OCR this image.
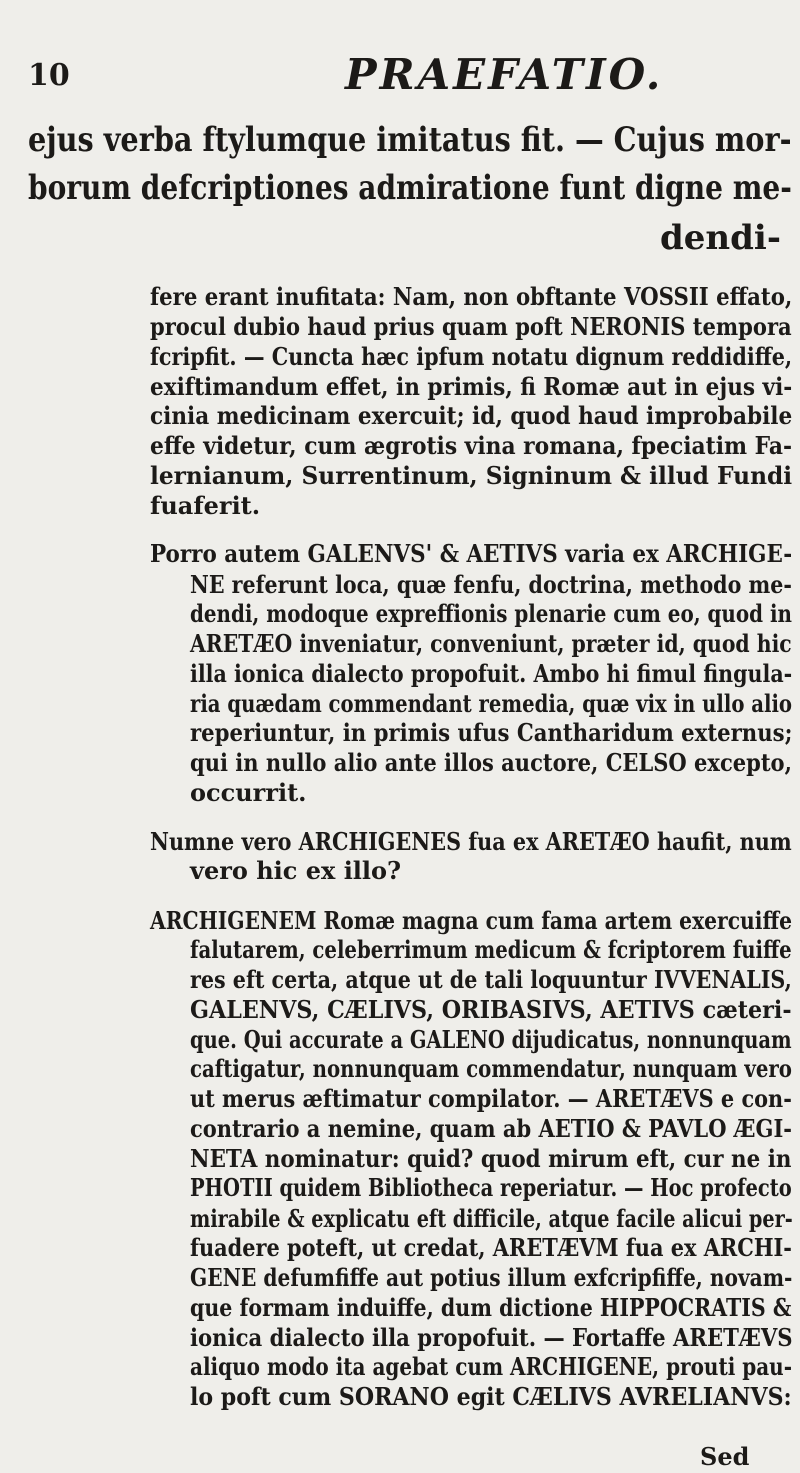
10	PRAEFATIO.
ejus verba ftylumque imitatus fit. — Cujus mor-
borum defcriptiones admiratione funt digne me-
dendi-
fere erant inufitata: Nam, non obftante VOSSII effato,
procul dubio haud prius quam poft NERONIS tempora
fcripfit. — Cuncta hæc ipfum notatu dignum reddidiffe,
exiftimandum effet, in primis, fi Romæ aut in ejus vi-
cinia medicinam exercuit; id, quod haud improbabile
effe videtur, cum ægrotis vina romana, fpeciatim Fa-
lernianum, Surrentinum, Signinum & illud Fundi
fuaferit.
Porro autem GALENVS' & AETIVS varia ex ARCHIGE-
NE referunt loca, quæ fenfu, doctrina, methodo me-
dendi, modoque expreffionis plenarie cum eo, quod in
ARETÆO inveniatur, conveniunt, præter id, quod hic
illa ionica dialecto propofuit. Ambo hi fimul fingula-
ria quædam commendant remedia, quæ vix in ullo alio
reperiuntur, in primis ufus Cantharidum externus;
qui in nullo alio ante illos auctore, CELSO excepto,
occurrit.
Numne vero ARCHIGENES fua ex ARETÆO haufit, num
vero hic ex illo?
ARCHIGENEM Romæ magna cum fama artem exercuiffe
falutarem, celeberrimum medicum & fcriptorem fuiffe
res eft certa, atque ut de tali loquuntur IVVENALIS,
GALENVS, CÆLIVS, ORIBASIVS, AETIVS cæteri-
que. Qui accurate a GALENO dijudicatus, nonnunquam
caftigatur, nonnunquam commendatur, nunquam vero
ut merus æftimatur compilator. — ARETÆVS e con-
contrario a nemine, quam ab AETIO & PAVLO ÆGI-
NETA nominatur: quid? quod mirum eft, cur ne in
PHOTII quidem Bibliotheca reperiatur. — Hoc profecto
mirabile & explicatu eft difficile, atque facile alicui per-
fuadere poteft, ut credat, ARETÆVM fua ex ARCHI-
GENE defumfiffe aut potius illum exfcripfiffe, novam-
que formam induiffe, dum dictione HIPPOCRATIS &
ionica dialecto illa propofuit. — Fortaffe ARETÆVS
aliquo modo ita agebat cum ARCHIGENE, prouti pau-
lo poft cum SORANO egit CÆLIVS AVRELIANVS:
Sed
